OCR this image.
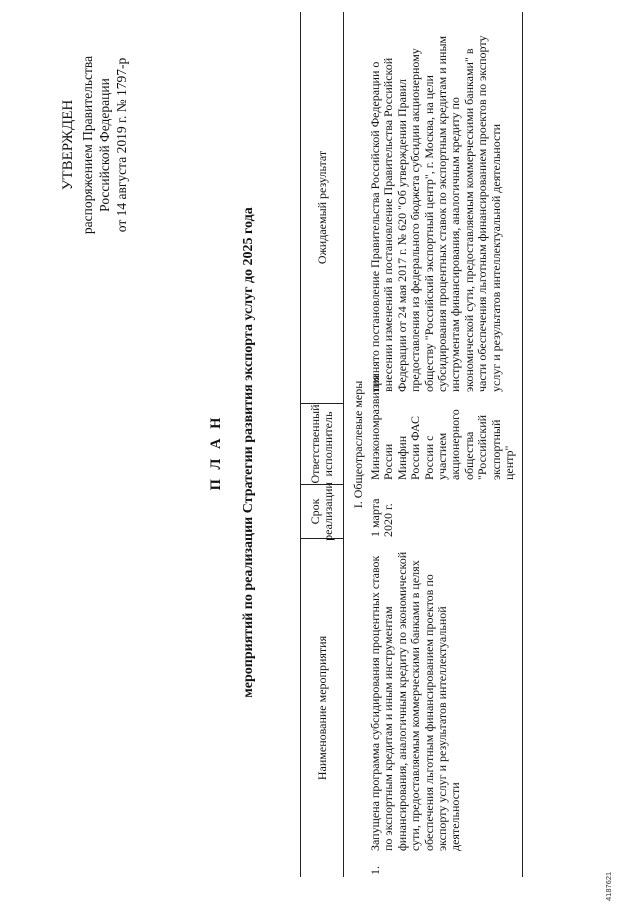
УТВЕРЖДЕН распоряжением Правительства Российской Федерации от 14 августа 2019 г. № 1797-р
П Л А Н мероприятий по реализации Стратегии развития экспорта услуг до 2025 года
Наименование мероприятия
Срок реализации
Ответственный исполнитель
Ожидаемый результат
I. Общеотраслевые меры
1.
Запущена программа субсидирования процентных ставок по экспортным кредитам и иным инструментам финансирования, аналогичным кредиту по экономической сути, предоставляемым коммерческими банками в целях обеспечения льготным финансированием проектов по экспорту услуг и результатов интеллектуальной деятельности
1 марта 2020 г.
Минэкономразвития России Минфин России ФАС России с участием акционерного общества "Российский экспортный центр"
принято постановление Правительства Российской Федерации о внесении изменений в постановление Правительства Российской Федерации от 24 мая 2017 г. № 620 "Об утверждении Правил предоставления из федерального бюджета субсидии акционерному обществу "Российский экспортный центр", г. Москва, на цели субсидирования процентных ставок по экспортным кредитам и иным инструментам финансирования, аналогичным кредиту по экономической сути, предоставляемым коммерческими банками" в части обеспечения льготным финансированием проектов по экспорту услуг и результатов интеллектуальной деятельности
4187621
